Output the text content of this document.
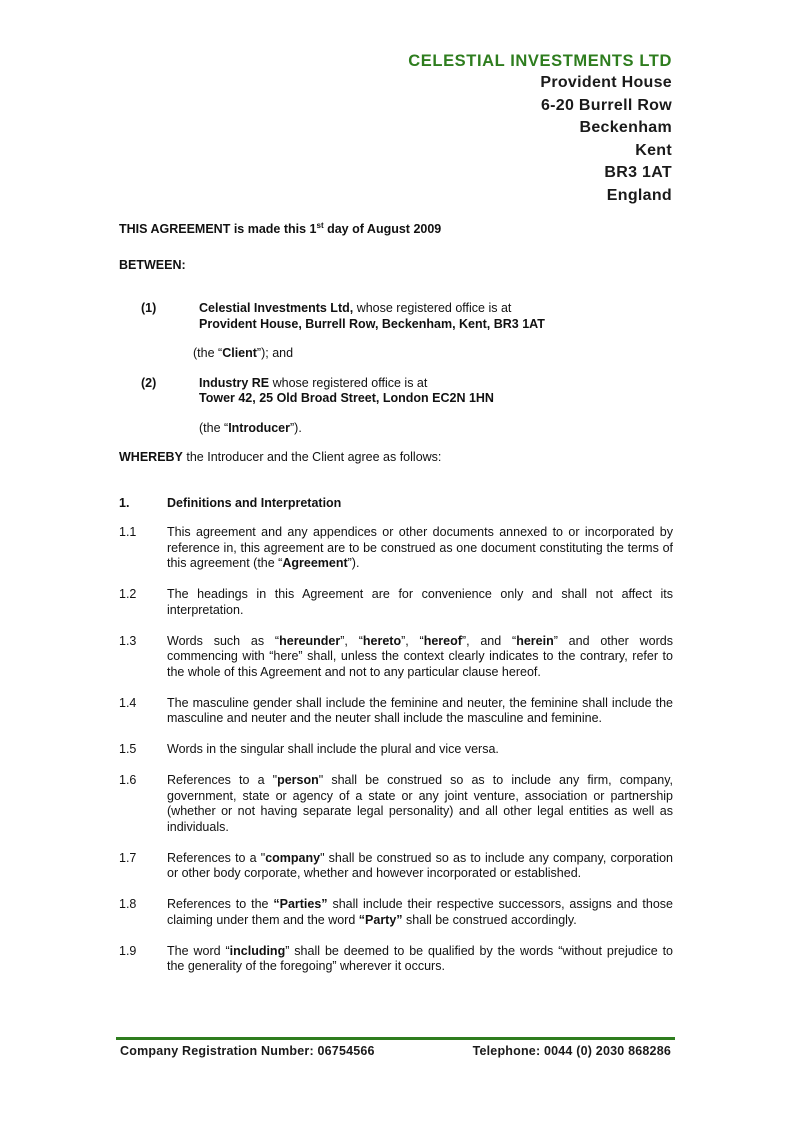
CELESTIAL INVESTMENTS LTD
Provident House
6-20 Burrell Row
Beckenham
Kent
BR3 1AT
England
THIS AGREEMENT is made this 1st day of August 2009
BETWEEN:
(1)	Celestial Investments Ltd, whose registered office is at
Provident House, Burrell Row, Beckenham, Kent, BR3 1AT
(the “Client”); and
(2)	Industry RE whose registered office is at
Tower 42, 25 Old Broad Street, London EC2N 1HN
(the “Introducer”).
WHEREBY the Introducer and the Client agree as follows:
1.	Definitions and Interpretation
1.1 This agreement and any appendices or other documents annexed to or incorporated by reference in, this agreement are to be construed as one document constituting the terms of this agreement (the “Agreement”).
1.2 The headings in this Agreement are for convenience only and shall not affect its interpretation.
1.3 Words such as “hereunder”, “hereto”, “hereof”, and “herein” and other words commencing with “here” shall, unless the context clearly indicates to the contrary, refer to the whole of this Agreement and not to any particular clause hereof.
1.4 The masculine gender shall include the feminine and neuter, the feminine shall include the masculine and neuter and the neuter shall include the masculine and feminine.
1.5 Words in the singular shall include the plural and vice versa.
1.6 References to a "person" shall be construed so as to include any firm, company, government, state or agency of a state or any joint venture, association or partnership (whether or not having separate legal personality) and all other legal entities as well as individuals.
1.7 References to a "company" shall be construed so as to include any company, corporation or other body corporate, whether and however incorporated or established.
1.8 References to the “Parties” shall include their respective successors, assigns and those claiming under them and the word “Party” shall be construed accordingly.
1.9 The word “including” shall be deemed to be qualified by the words “without prejudice to the generality of the foregoing” wherever it occurs.
Company Registration Number: 06754566	Telephone: 0044 (0) 2030 868286
